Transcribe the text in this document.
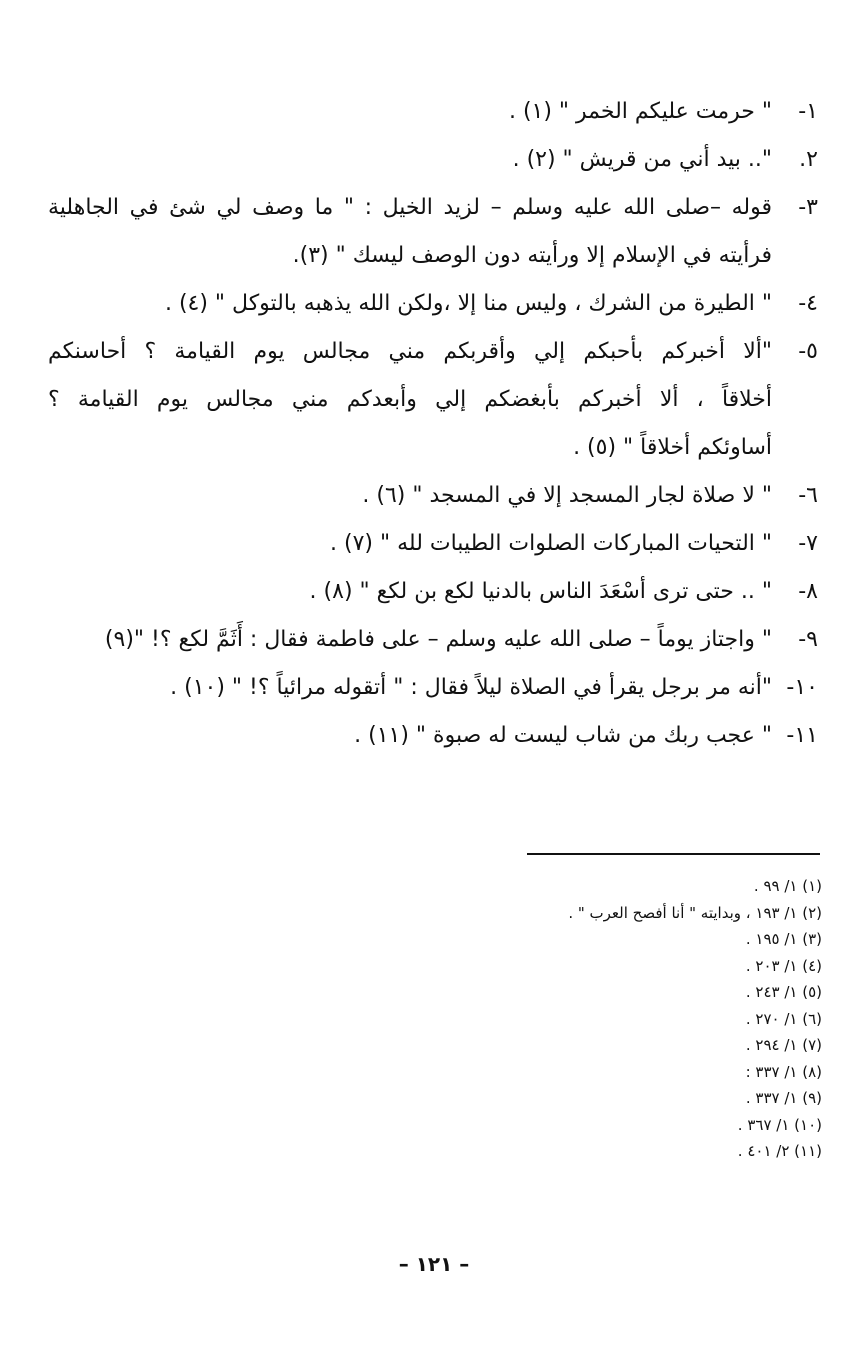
١-
" حرمت عليكم الخمر " (١) .
٢.
".. بيد أني من قريش " (٢) .
٣-
قوله –صلى الله عليه وسلم – لزيد الخيل : " ما وصف لي شئ في الجاهلية
فرأيته في الإسلام إلا ورأيته دون الوصف ليسك " (٣).
٤-
" الطيرة من الشرك ، وليس منا إلا ،ولكن الله يذهبه بالتوكل " (٤) .
٥-
"ألا أخبركم بأحبكم إلي وأقربكم مني مجالس يوم القيامة ؟ أحاسنكم
أخلاقاً ، ألا أخبركم بأبغضكم إلي وأبعدكم مني مجالس يوم القيامة ؟
أساوئكم أخلاقاً " (٥) .
٦-
" لا صلاة لجار المسجد إلا في المسجد " (٦) .
٧-
" التحيات المباركات الصلوات الطيبات لله " (٧) .
٨-
" .. حتى ترى أسْعَدَ الناس بالدنيا لكع بن لكع " (٨) .
٩-
" واجتاز يوماً – صلى الله عليه وسلم – على فاطمة فقال : أَثَمَّ لكع ؟! "(٩)
١٠-
"أنه مر برجل يقرأ في الصلاة ليلاً فقال : " أتقوله مرائياً ؟! " (١٠) .
١١-
" عجب ربك من شاب ليست له صبوة " (١١) .
(١) ١/ ٩٩ .
(٢) ١/ ١٩٣ ، وبدايته " أنا أفصح العرب " .
(٣) ١/ ١٩٥ .
(٤) ١/ ٢٠٣ .
(٥) ١/ ٢٤٣ .
(٦) ١/ ٢٧٠ .
(٧) ١/ ٢٩٤ .
(٨) ١/ ٣٣٧ :
(٩) ١/ ٣٣٧ .
(١٠) ١/ ٣٦٧ .
(١١) ٢/ ٤٠١ .
– ١٢١ –
